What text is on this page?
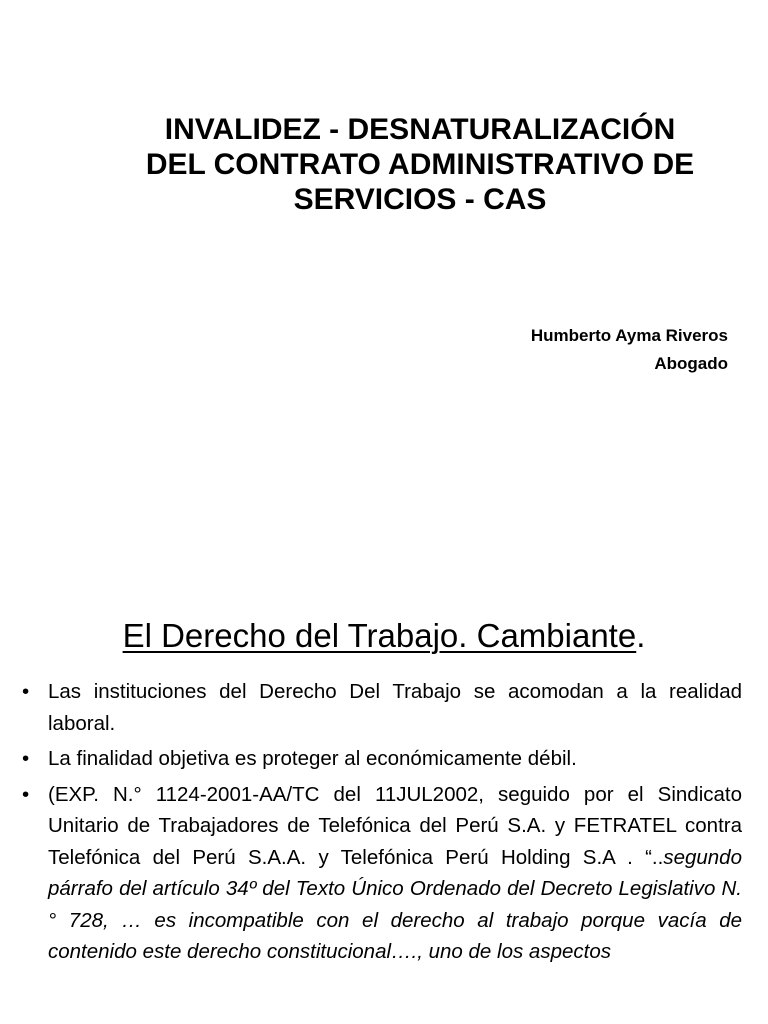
INVALIDEZ - DESNATURALIZACIÓN
DEL CONTRATO ADMINISTRATIVO DE
SERVICIOS - CAS
Humberto Ayma Riveros
Abogado
El Derecho del Trabajo. Cambiante.
• Las instituciones del Derecho Del Trabajo se acomodan a la realidad laboral.
• La finalidad objetiva es proteger al económicamente débil.
• (EXP. N.° 1124-2001-AA/TC del 11JUL2002, seguido por el Sindicato Unitario de Trabajadores de Telefónica del Perú S.A. y FETRATEL contra Telefónica del Perú S.A.A. y Telefónica Perú Holding S.A . “..segundo párrafo del artículo 34º del Texto Único Ordenado del Decreto Legislativo N.° 728, … es incompatible con el derecho al trabajo porque vacía de contenido este derecho constitucional…., uno de los aspectos
